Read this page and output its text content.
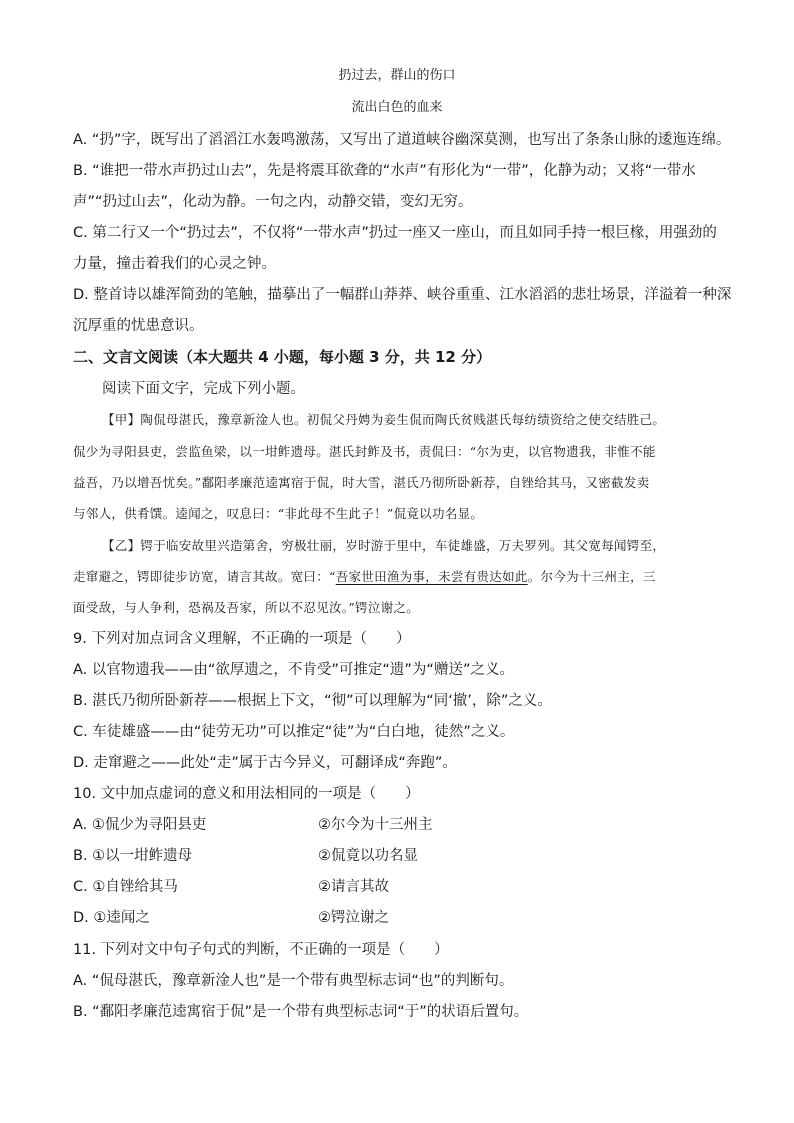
扔过去，群山的伤口
流出白色的血来
A. “扔”字，既写出了滔滔江水轰鸣激荡，又写出了道道峡谷幽深莫测，也写出了条条山脉的逶迤连绵。
B. “谁把一带水声扔过山去”，先是将震耳欲聋的“水声”有形化为“一带”，化静为动；又将“一带水
声”“扔过山去”，化动为静。一句之内，动静交错，变幻无穷。
C. 第二行又一个“扔过去”，不仅将“一带水声”扔过一座又一座山，而且如同手持一根巨椽，用强劲的
力量，撞击着我们的心灵之钟。
D. 整首诗以雄浑简劲的笔触，描摹出了一幅群山莽莽、峡谷重重、江水滔滔的悲壮场景，洋溢着一种深
沉厚重的忧患意识。
二、文言文阅读（本大题共 4 小题，每小题 3 分，共 12 分）
阅读下面文字，完成下列小题。
【甲】陶侃母湛氏，豫章新淦人也。初侃父丹娉为妾生侃而陶氏贫贱湛氏每纺绩资给之使交结胜己。
侃少为寻阳县吏，尝监鱼梁，以一坩鲊遗母。湛氏封鲊及书，责侃曰：“尔为吏，以官物遗我，非惟不能
益吾，乃以增吾忧矣。”鄱阳孝廉范逵寓宿于侃，时大雪，湛氏乃彻所卧新荐，自锉给其马，又密截发卖
与邻人，供肴馔。逵闻之，叹息曰：“非此母不生此子！”侃竟以功名显。
【乙】锷于临安故里兴造第舍，穷极壮丽，岁时游于里中，车徒雄盛，万夫罗列。其父宽每闻锷至，
走窜避之，锷即徒步访宽，请言其故。宽曰：“吾家世田渔为事，未尝有贵达如此。尔今为十三州主，三
面受敌，与人争利，恐祸及吾家，所以不忍见汝。”锷泣谢之。
9. 下列对加点词含义理解，不正确的一项是（　　）
A. 以官物遗我——由“欲厚遗之，不肯受”可推定“遗”为“赠送”之义。
B. 湛氏乃彻所卧新荐——根据上下文，“彻”可以理解为“同‘撤’，除”之义。
C. 车徒雄盛——由“徒劳无功”可以推定“徒”为“白白地，徒然”之义。
D. 走窜避之——此处“走”属于古今异义，可翻译成“奔跑”。
10. 文中加点虚词的意义和用法相同的一项是（　　）
A. ①侃少为寻阳县吏	②尔今为十三州主
B. ①以一坩鲊遗母	②侃竟以功名显
C. ①自锉给其马	②请言其故
D. ①逵闻之	②锷泣谢之
11. 下列对文中句子句式的判断，不正确的一项是（　　）
A. “侃母湛氏，豫章新淦人也”是一个带有典型标志词“也”的判断句。
B. “鄱阳孝廉范逵寓宿于侃”是一个带有典型标志词“于”的状语后置句。
